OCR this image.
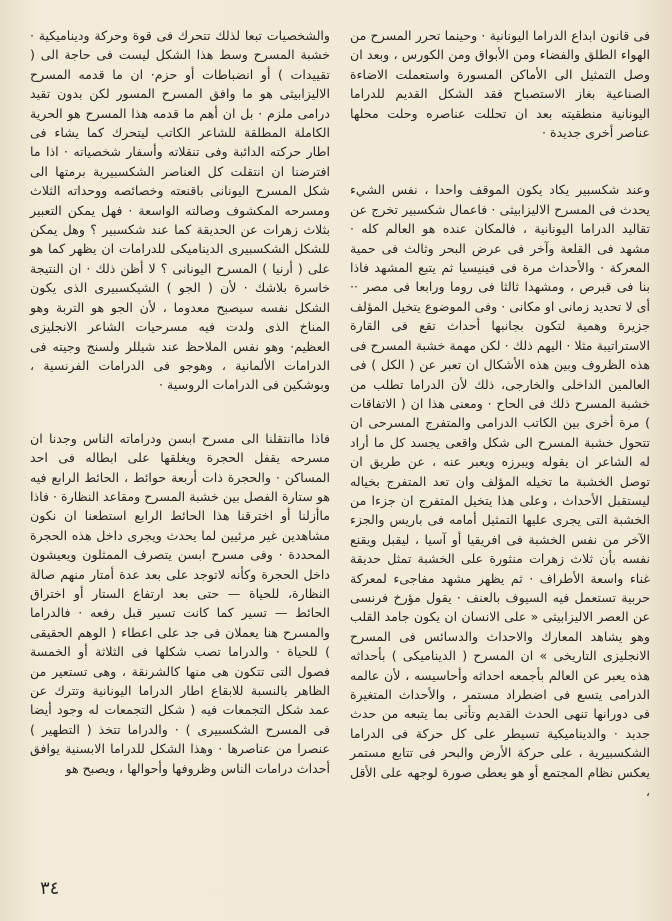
فى قانون ابداع الدراما اليونانية · وحينما تحرر المسرح من الهواء الطلق والفضاء ومن الأبواق ومن الكورس ، وبعد ان وصل التمثيل الى الأماكن المسورة واستعملت الاضاءة الصناعية بغاز الاستصباح فقد الشكل القديم للدراما اليونانية منطقيته بعد ان تحللت عناصره وحلت محلها عناصر أخرى جديدة ·

وعند شكسبير يكاد يكون الموقف واحدا ، نفس الشيء يحدث فى المسرح الاليزابيثى · فاعمال شكسبير تخرج عن تقاليد الدراما اليونانية ، فالمكان عنده هو العالم كله · مشهد فى القلعة وآخر فى عرض البحر وثالث فى حمية المعركة · والأحداث مرة فى فينيسيا ثم يتبع المشهد فاذا بنا فى قبرص ، ومشهدا ثالثا فى روما ورابعا فى مصر ·· أى لا تحديد زمانى او مكانى · وفى الموضوع يتخيل المؤلف جزيرة وهمية لتكون بجانبها أحداث تقع فى القارة الاستراتيبة مثلا · اليهم ذلك · لكن مهمة خشبة المسرح فى هذه الظروف وبين هذه الأشكال ان تعبر عن ( الكل ) فى العالمين الداخلى والخارجى، ذلك لأن الدراما تطلب من خشبة المسرح ذلك فى الحاح · ومعنى هذا ان ( الاتفاقات ) مرة أخرى بين الكاتب الدرامى والمتفرج المسرحى ان تتحول خشبة المسرح الى شكل واقعى يجسد كل ما أراد له الشاعر ان يقوله ويبرزه ويعبر عنه ، عن طريق ان توصل الخشبة ما تخيله المؤلف وان تعد المتفرج بخياله ليستقبل الأحداث ، وعلى هذا يتخيل المتفرج ان جزءا من الخشبة التى يجرى عليها التمثيل أمامه فى باريس والجزء الآخر من نفس الخشبة فى افريقيا أو آسيا ، ليقبل ويقنع نفسه بأن ثلاث زهرات منثورة على الخشبة تمثل حديقة غناء واسعة الأطراف · ثم يظهر مشهد مفاجىء لمعركة حربية تستعمل فيه السيوف بالعنف · يقول مؤرخ فرنسى عن العصر الاليزابيثى « على الانسان ان يكون جامد القلب وهو يشاهد المعارك والاحداث والدسائس فى المسرح الانجليزى التاريخى » ان المسرح ( الديناميكى ) بأحداثه هذه يعبر عن العالم بأجمعه احداثه وأحاسيسه ، لأن عالمه الدرامى يتسع فى اضطراد مستمر ، والأحداث المتغيرة فى دورانها تنهى الحدث القديم وتأتى بما يتبعه من حدث جديد · والديناميكية تسيطر على كل حركة فى الدراما الشكسبيرية ، على حركة الأرض والبحر فى تتابع مستمر يعكس نظام المجتمع أو هو يعطى صورة لوجهه على الأقل ،

والشخصيات تبعا لذلك تتحرك فى قوة وحركة وديناميكية · خشبة المسرح وسط هذا الشكل ليست فى حاجة الى ( تقييدات ) أو انضباطات أو حزم· ان ما قدمه المسرح الاليزابيثى هو ما وافق المسرح المسور لكن بدون تقيد درامى ملزم · بل ان أهم ما قدمه هذا المسرح هو الحرية الكاملة المطلقة للشاعر الكاتب ليتحرك كما يشاء فى اطار حركته الدائبة وفى تنقلاته وأسفار شخصياته · اذا ما افترضنا ان انتقلت كل العناصر الشكسبيرية برمتها الى شكل المسرح اليونانى باقنعته وخصائصه ووحداته الثلاث ومسرحه المكشوف وصالته الواسعة · فهل يمكن التعبير بثلاث زهرات عن الحديقة كما عند شكسبير ؟ وهل يمكن للشكل الشكسبيرى الديناميكى للدرامات ان يظهر كما هو على ( أرنيا ) المسرح اليونانى ؟ لا أظن ذلك · ان النتيجة خاسرة بلاشك · لأن ( الجو ) الشيكسبيرى الذى يكون الشكل نفسه سيصبح معدوما ، لأن الجو هو التربة وهو المناخ الذى ولدت فيه مسرحيات الشاعر الانجليزى العظيم· وهو نفس الملاحظ عند شيللر ولسنج وجيته فى الدرامات الألمانية ، وهوجو فى الدرامات الفرنسية ، وبوشكين فى الدرامات الروسية ·

فاذا ماانتقلنا الى مسرح ابسن ودراماته الناس وجدنا ان مسرحه يقفل الحجرة ويغلقها على ابطاله فى احد المساكن · والحجرة ذات أربعة حوائط ، الحائط الرابع فيه هو ستارة الفصل بين خشبة المسرح ومقاعد النظارة · فاذا ماأزلنا أو اخترقنا هذا الحائط الرابع استطعنا ان نكون مشاهدين غير مرئيين لما يحدث ويجرى داخل هذه الحجرة المحددة · وفى مسرح ابسن يتصرف الممثلون ويعيشون داخل الحجرة وكأنه لاتوجد على بعد عدة أمتار منهم صالة النظارة، للحياة — حتى بعد ارتفاع الستار أو اختراق الحائط — تسير كما كانت تسير قبل رفعه · فالدراما والمسرح هنا يعملان فى جد على اعطاء ( الوهم الحقيقى ) للحياة · والدراما تصب شكلها فى الثلاثة أو الخمسة فصول التى تتكون هى منها كالشرنقة ، وهى تستعير من الظاهر بالنسبة للابقاع اطار الدراما اليونانية وتترك عن عمد شكل التجمعات فيه ( شكل التجمعات له وجود أيضا فى المسرح الشكسبيرى ) · والدراما تتخذ ( التطهير ) عنصرا من عناصرها · وهذا الشكل للدراما الابسنية يوافق أحداث درامات الناس وظروفها وأحوالها ، ويصبح هو

٣٤
